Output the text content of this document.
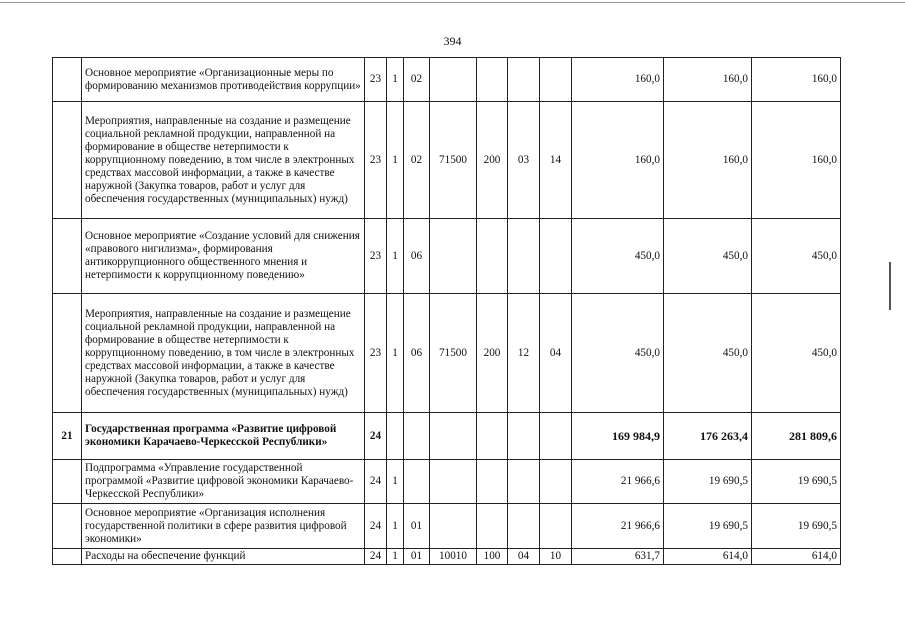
394
	Основное мероприятие «Организационные меры по формированию механизмов противодействия коррупции»	23	1	02					160,0	160,0	160,0
	Мероприятия, направленные на создание и размещение социальной рекламной продукции, направленной на формирование в обществе нетерпимости к коррупционному поведению, в том числе в электронных средствах массовой информации, а также в качестве наружной (Закупка товаров, работ и услуг для обеспечения государственных (муниципальных) нужд)	23	1	02	71500	200	03	14	160,0	160,0	160,0
	Основное мероприятие «Создание условий для снижения «правового нигилизма», формирования антикоррупционного общественного мнения и нетерпимости к коррупционному поведению»	23	1	06					450,0	450,0	450,0
	Мероприятия, направленные на создание и размещение социальной рекламной продукции, направленной на формирование в обществе нетерпимости к коррупционному поведению, в том числе в электронных средствах массовой информации, а также в качестве наружной (Закупка товаров, работ и услуг для обеспечения государственных (муниципальных) нужд)	23	1	06	71500	200	12	04	450,0	450,0	450,0
21	Государственная программа «Развитие цифровой экономики Карачаево-Черкесской Республики»	24							169 984,9	176 263,4	281 809,6
	Подпрограмма «Управление государственной программой «Развитие цифровой экономики Карачаево-Черкесской Республики»	24	1						21 966,6	19 690,5	19 690,5
	Основное мероприятие «Организация исполнения государственной политики в сфере развития цифровой экономики»	24	1	01					21 966,6	19 690,5	19 690,5
	Расходы на обеспечение функций	24	1	01	10010	100	04	10	631,7	614,0	614,0
